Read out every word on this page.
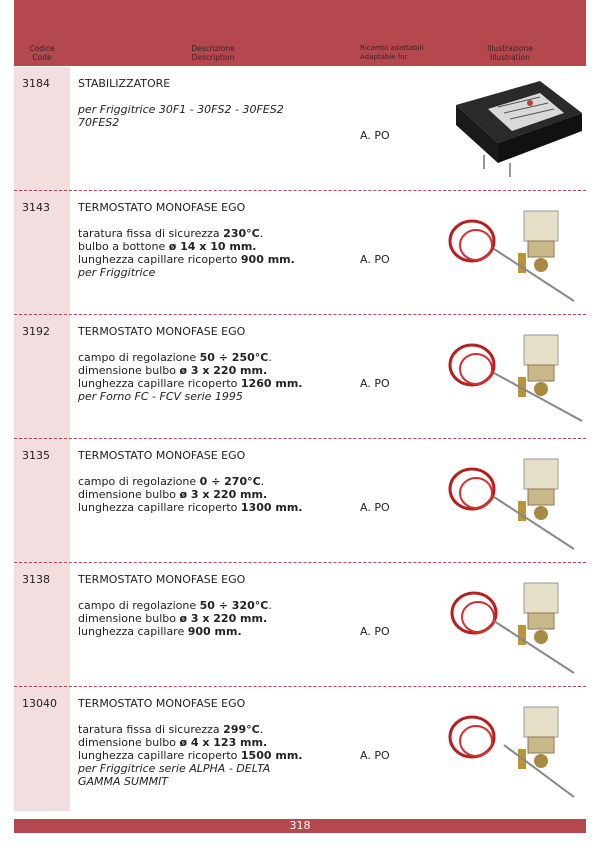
Codice
Code
Descrizione
Description
Ricambi adattabili
Adaptable for
Illustrazione
Illustration
3184	STABILIZZATORE
per Friggitrice 30F1 - 30FS2 - 30FES2
70FES2
A. PO
3143	TERMOSTATO MONOFASE EGO
taratura fissa di sicurezza 230°C.
bulbo a bottone ø 14 x 10 mm.
lunghezza capillare ricoperto 900 mm.
per Friggitrice
A. PO
3192	TERMOSTATO MONOFASE EGO
campo di regolazione 50 ÷ 250°C.
dimensione bulbo ø 3 x 220 mm.
lunghezza capillare ricoperto 1260 mm.
per Forno FC - FCV serie 1995
A. PO
3135	TERMOSTATO MONOFASE EGO
campo di regolazione 0 ÷ 270°C.
dimensione bulbo ø 3 x 220 mm.
lunghezza capillare ricoperto 1300 mm.	A. PO
3138	TERMOSTATO MONOFASE EGO
campo di regolazione 50 ÷ 320°C.
dimensione bulbo ø 3 x 220 mm.
lunghezza capillare 900 mm.	A. PO
13040 TERMOSTATO MONOFASE EGO
taratura fissa di sicurezza 299°C.
dimensione bulbo ø 4 x 123 mm.
lunghezza capillare ricoperto 1500 mm.
per Friggitrice serie ALPHA - DELTA
GAMMA SUMMIT
A. PO
318
